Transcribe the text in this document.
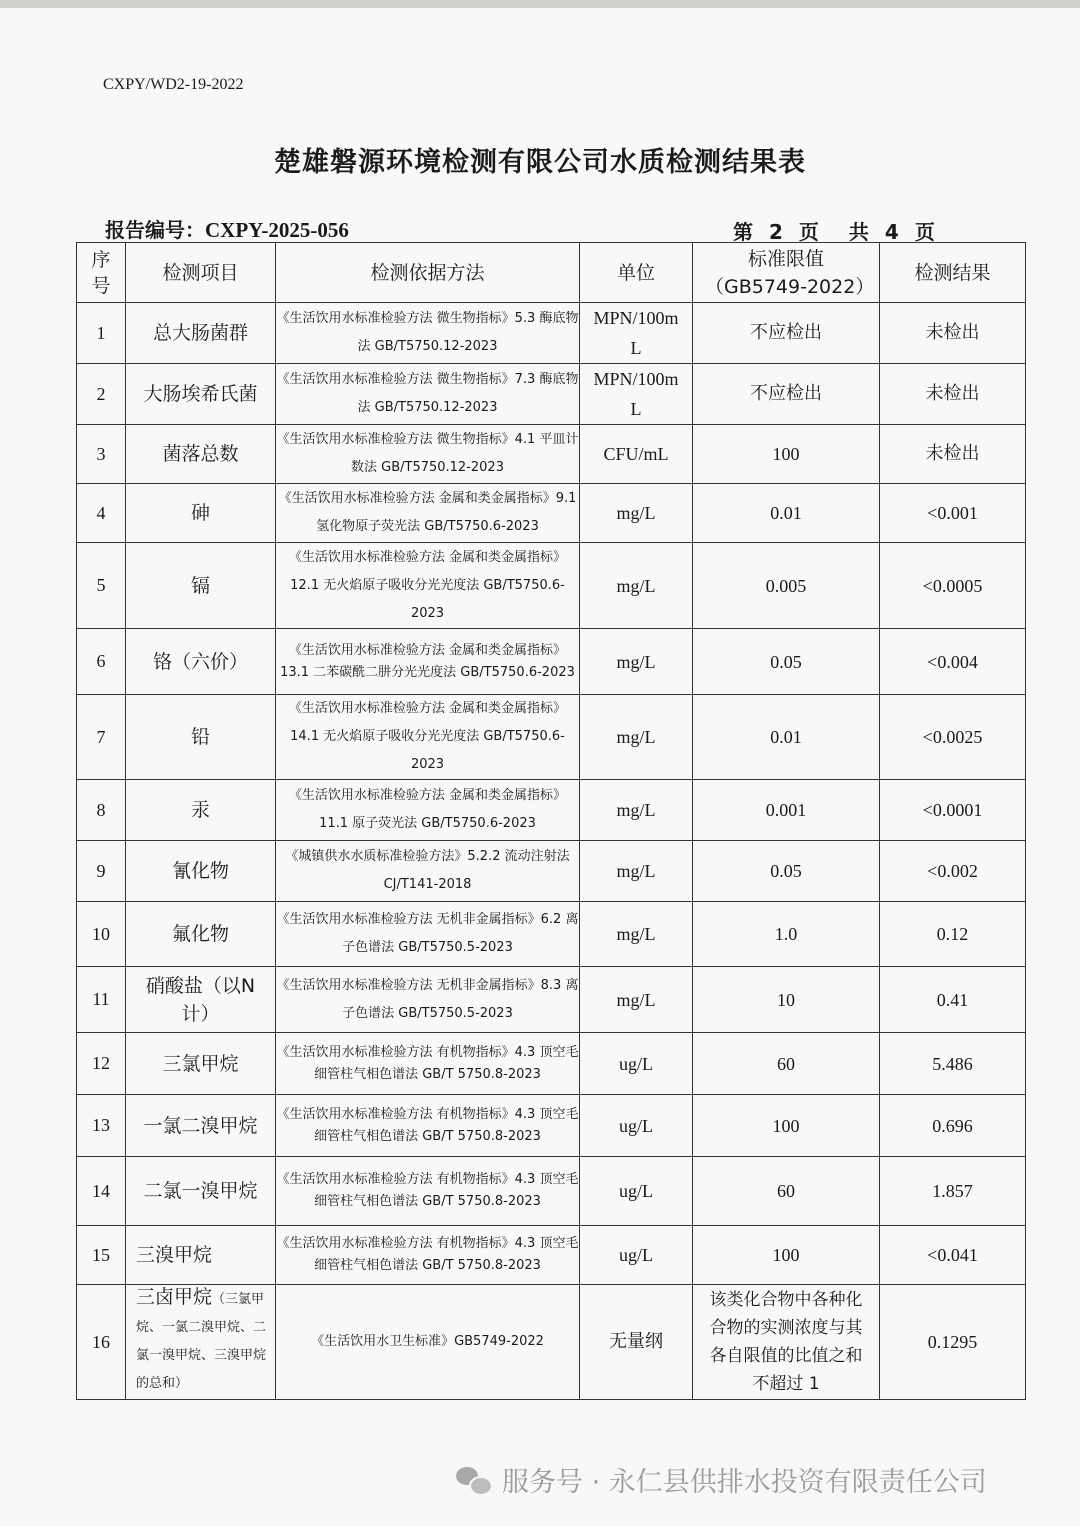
CXPY/WD2-19-2022
楚雄磐源环境检测有限公司水质检测结果表
报告编号：CXPY-2025-056	第 2 页 共 4 页
序号	检测项目	检测依据方法	单位	标准限值（GB5749-2022）	检测结果
1	总大肠菌群	《生活饮用水标准检验方法 微生物指标》5.3 酶底物法 GB/T5750.12-2023	MPN/100mL	不应检出	未检出
2	大肠埃希氏菌	《生活饮用水标准检验方法 微生物指标》7.3 酶底物法 GB/T5750.12-2023	MPN/100mL	不应检出	未检出
3	菌落总数	《生活饮用水标准检验方法 微生物指标》4.1 平皿计数法 GB/T5750.12-2023	CFU/mL	100	未检出
4	砷	《生活饮用水标准检验方法 金属和类金属指标》9.1 氢化物原子荧光法 GB/T5750.6-2023	mg/L	0.01	<0.001
5	镉	《生活饮用水标准检验方法 金属和类金属指标》12.1 无火焰原子吸收分光光度法 GB/T5750.6-2023	mg/L	0.005	<0.0005
6	铬（六价）	《生活饮用水标准检验方法 金属和类金属指标》13.1 二苯碳酰二肼分光光度法 GB/T5750.6-2023	mg/L	0.05	<0.004
7	铅	《生活饮用水标准检验方法 金属和类金属指标》14.1 无火焰原子吸收分光光度法 GB/T5750.6-2023	mg/L	0.01	<0.0025
8	汞	《生活饮用水标准检验方法 金属和类金属指标》11.1 原子荧光法 GB/T5750.6-2023	mg/L	0.001	<0.0001
9	氰化物	《城镇供水水质标准检验方法》5.2.2 流动注射法 CJ/T141-2018	mg/L	0.05	<0.002
10	氟化物	《生活饮用水标准检验方法 无机非金属指标》6.2 离子色谱法 GB/T5750.5-2023	mg/L	1.0	0.12
11	硝酸盐（以N计）	《生活饮用水标准检验方法 无机非金属指标》8.3 离子色谱法 GB/T5750.5-2023	mg/L	10	0.41
12	三氯甲烷	《生活饮用水标准检验方法 有机物指标》4.3 顶空毛细管柱气相色谱法 GB/T 5750.8-2023	ug/L	60	5.486
13	一氯二溴甲烷	《生活饮用水标准检验方法 有机物指标》4.3 顶空毛细管柱气相色谱法 GB/T 5750.8-2023	ug/L	100	0.696
14	二氯一溴甲烷	《生活饮用水标准检验方法 有机物指标》4.3 顶空毛细管柱气相色谱法 GB/T 5750.8-2023	ug/L	60	1.857
15	三溴甲烷	《生活饮用水标准检验方法 有机物指标》4.3 顶空毛细管柱气相色谱法 GB/T 5750.8-2023	ug/L	100	<0.041
16	三卤甲烷（三氯甲烷、一氯二溴甲烷、二氯一溴甲烷、三溴甲烷的总和）	《生活饮用水卫生标准》GB5749-2022	无量纲	该类化合物中各种化合物的实测浓度与其各自限值的比值之和不超过 1	0.1295
服务号 · 永仁县供排水投资有限责任公司
